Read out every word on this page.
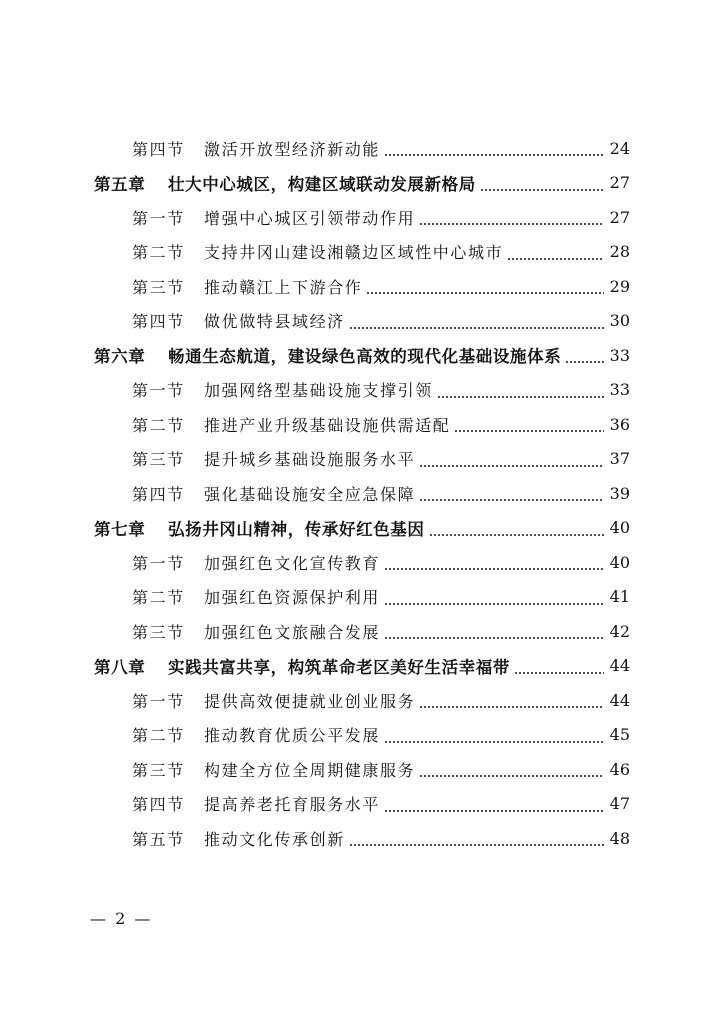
第四节	激活开放型经济新动能	24
第五章	壮大中心城区，构建区域联动发展新格局	27
第一节	增强中心城区引领带动作用	27
第二节	支持井冈山建设湘赣边区域性中心城市	28
第三节	推动赣江上下游合作	29
第四节	做优做特县域经济	30
第六章	畅通生态航道，建设绿色高效的现代化基础设施体系	33
第一节	加强网络型基础设施支撑引领	33
第二节	推进产业升级基础设施供需适配	36
第三节	提升城乡基础设施服务水平	37
第四节	强化基础设施安全应急保障	39
第七章	弘扬井冈山精神，传承好红色基因	40
第一节	加强红色文化宣传教育	40
第二节	加强红色资源保护利用	41
第三节	加强红色文旅融合发展	42
第八章	实践共富共享，构筑革命老区美好生活幸福带	44
第一节	提供高效便捷就业创业服务	44
第二节	推动教育优质公平发展	45
第三节	构建全方位全周期健康服务	46
第四节	提高养老托育服务水平	47
第五节	推动文化传承创新	48
— 2 —
